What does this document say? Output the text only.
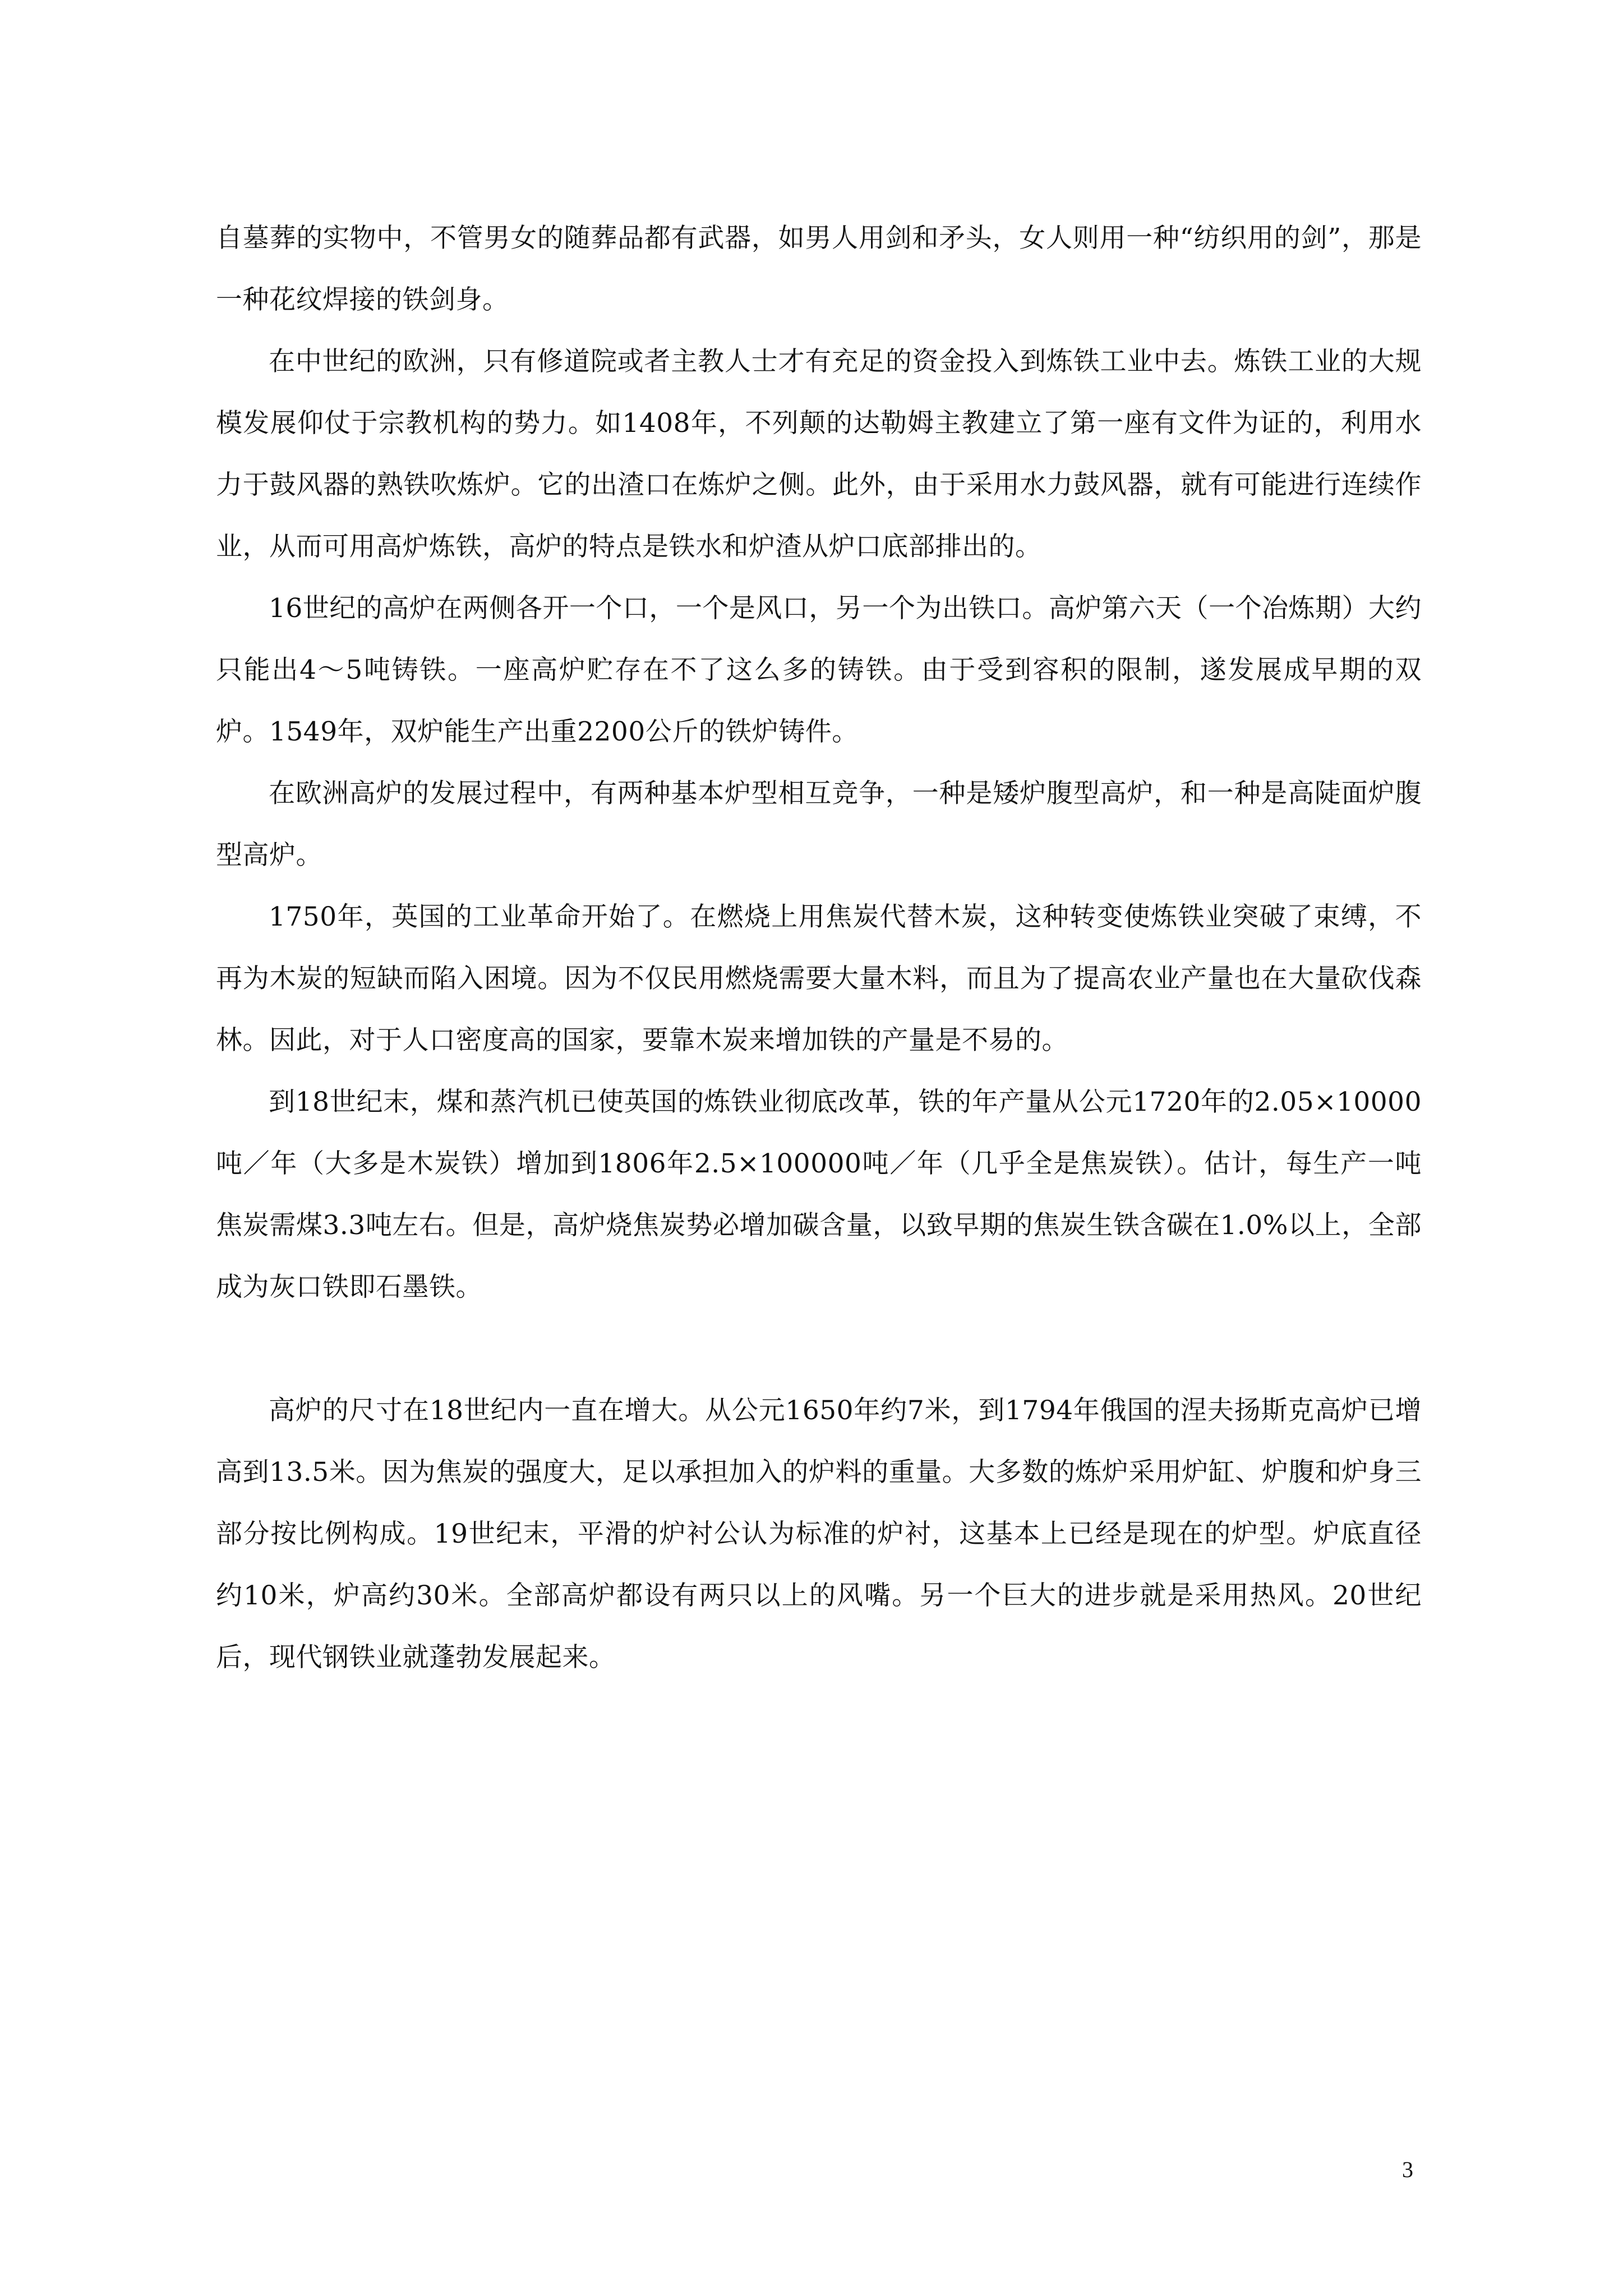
自墓葬的实物中，不管男女的随葬品都有武器，如男人用剑和矛头，女人则用一种“纺织用的剑”，那是一种花纹焊接的铁剑身。

在中世纪的欧洲，只有修道院或者主教人士才有充足的资金投入到炼铁工业中去。炼铁工业的大规模发展仰仗于宗教机构的势力。如1408年，不列颠的达勒姆主教建立了第一座有文件为证的，利用水力于鼓风器的熟铁吹炼炉。它的出渣口在炼炉之侧。此外，由于采用水力鼓风器，就有可能进行连续作业，从而可用高炉炼铁，高炉的特点是铁水和炉渣从炉口底部排出的。

16世纪的高炉在两侧各开一个口，一个是风口，另一个为出铁口。高炉第六天（一个冶炼期）大约只能出4～5吨铸铁。一座高炉贮存在不了这么多的铸铁。由于受到容积的限制，遂发展成早期的双炉。1549年，双炉能生产出重2200公斤的铁炉铸件。

在欧洲高炉的发展过程中，有两种基本炉型相互竞争，一种是矮炉腹型高炉，和一种是高陡面炉腹型高炉。

1750年，英国的工业革命开始了。在燃烧上用焦炭代替木炭，这种转变使炼铁业突破了束缚，不再为木炭的短缺而陷入困境。因为不仅民用燃烧需要大量木料，而且为了提高农业产量也在大量砍伐森林。因此，对于人口密度高的国家，要靠木炭来增加铁的产量是不易的。

到18世纪末，煤和蒸汽机已使英国的炼铁业彻底改革，铁的年产量从公元1720年的2.05×10000吨／年（大多是木炭铁）增加到1806年2.5×100000吨／年（几乎全是焦炭铁）。估计，每生产一吨焦炭需煤3.3吨左右。但是，高炉烧焦炭势必增加碳含量，以致早期的焦炭生铁含碳在1.0%以上，全部成为灰口铁即石墨铁。

高炉的尺寸在18世纪内一直在增大。从公元1650年约7米，到1794年俄国的涅夫扬斯克高炉已增高到13.5米。因为焦炭的强度大，足以承担加入的炉料的重量。大多数的炼炉采用炉缸、炉腹和炉身三部分按比例构成。19世纪末，平滑的炉衬公认为标准的炉衬，这基本上已经是现在的炉型。炉底直径约10米，炉高约30米。全部高炉都设有两只以上的风嘴。另一个巨大的进步就是采用热风。20世纪后，现代钢铁业就蓬勃发展起来。

3
